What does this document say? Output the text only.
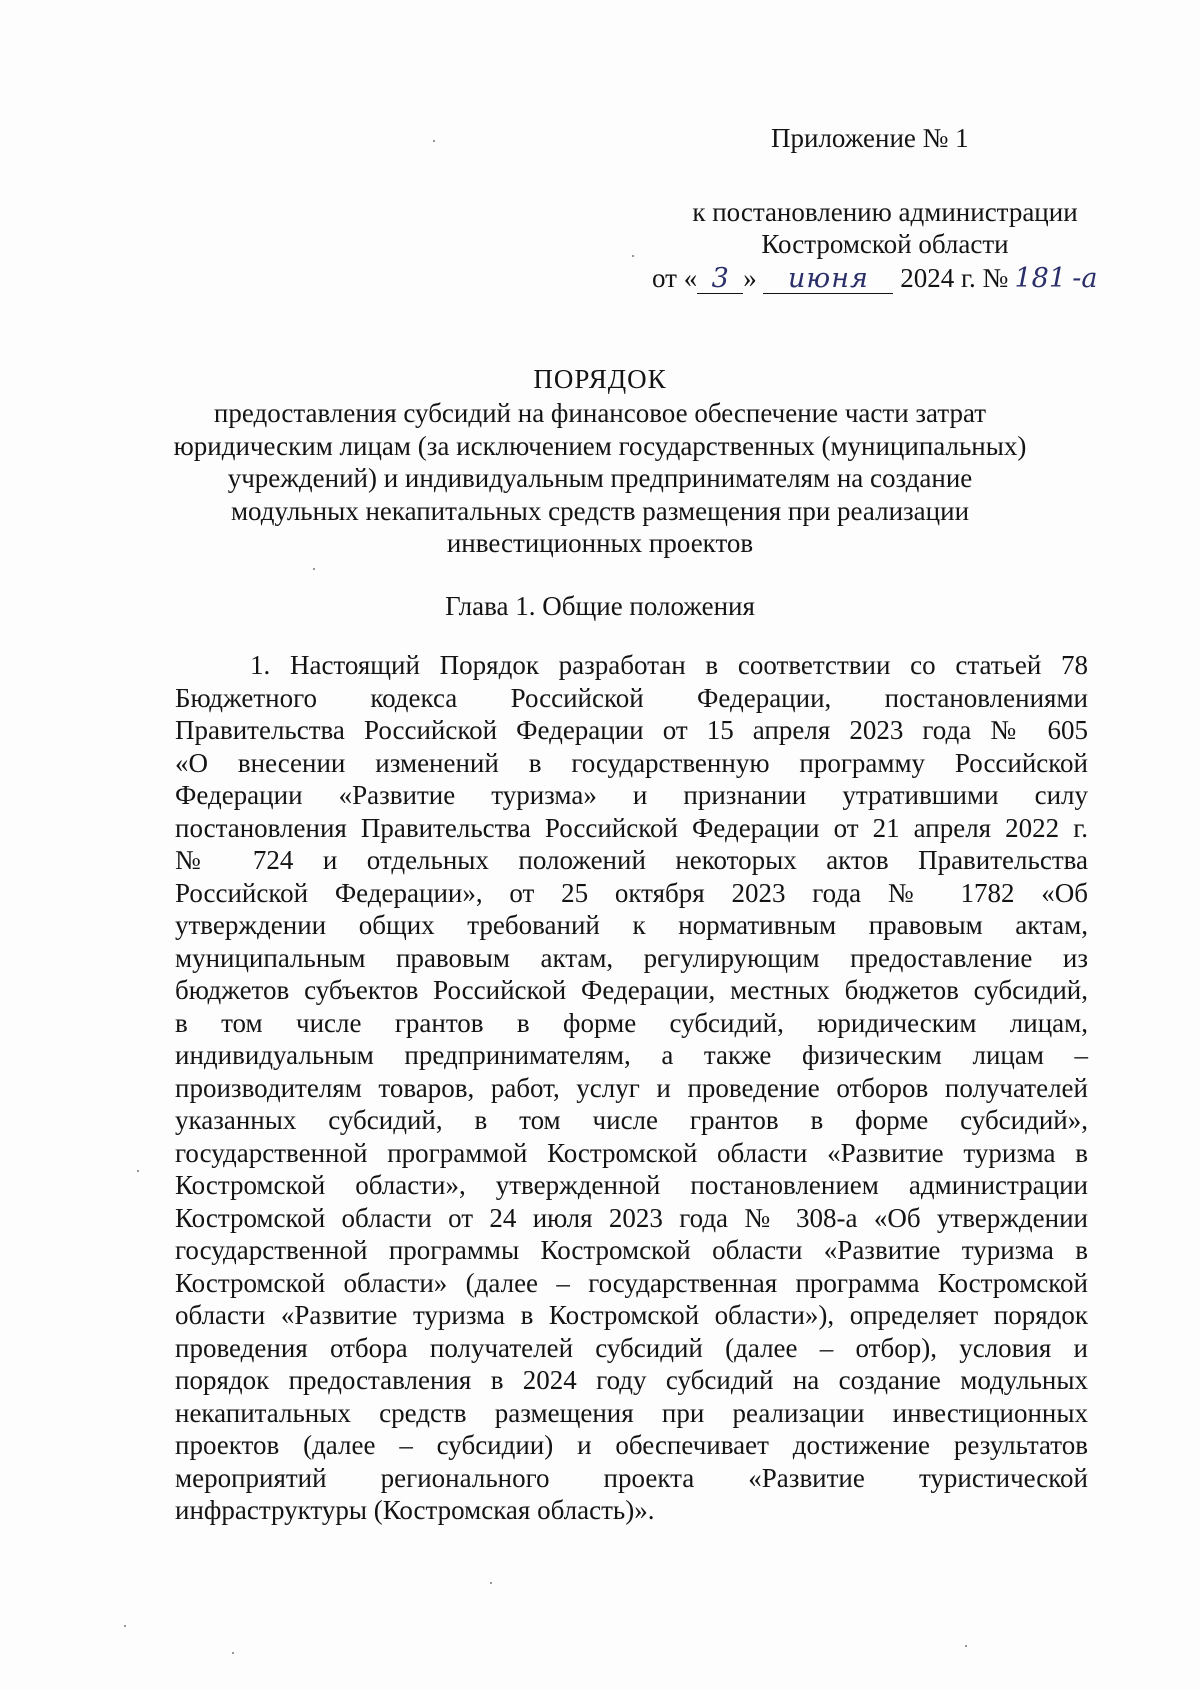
Приложение № 1
к постановлению администрации
Костромской области
от « 3 » июня 2024 г. № 181 -а
ПОРЯДОК
предоставления субсидий на финансовое обеспечение части затрат
юридическим лицам (за исключением государственных (муниципальных)
учреждений) и индивидуальным предпринимателям на создание
модульных некапитальных средств размещения при реализации
инвестиционных проектов
Глава 1. Общие положения
1. Настоящий Порядок разработан в соответствии со статьей 78
Бюджетного кодекса Российской Федерации, постановлениями
Правительства Российской Федерации от 15 апреля 2023 года № 605
«О внесении изменений в государственную программу Российской
Федерации «Развитие туризма» и признании утратившими силу
постановления Правительства Российской Федерации от 21 апреля 2022 г.
№ 724 и отдельных положений некоторых актов Правительства
Российской Федерации», от 25 октября 2023 года № 1782 «Об
утверждении общих требований к нормативным правовым актам,
муниципальным правовым актам, регулирующим предоставление из
бюджетов субъектов Российской Федерации, местных бюджетов субсидий,
в том числе грантов в форме субсидий, юридическим лицам,
индивидуальным предпринимателям, а также физическим лицам –
производителям товаров, работ, услуг и проведение отборов получателей
указанных субсидий, в том числе грантов в форме субсидий»,
государственной программой Костромской области «Развитие туризма в
Костромской области», утвержденной постановлением администрации
Костромской области от 24 июля 2023 года № 308-а «Об утверждении
государственной программы Костромской области «Развитие туризма в
Костромской области» (далее – государственная программа Костромской
области «Развитие туризма в Костромской области»), определяет порядок
проведения отбора получателей субсидий (далее – отбор), условия и
порядок предоставления в 2024 году субсидий на создание модульных
некапитальных средств размещения при реализации инвестиционных
проектов (далее – субсидии) и обеспечивает достижение результатов
мероприятий регионального проекта «Развитие туристической
инфраструктуры (Костромская область)».
